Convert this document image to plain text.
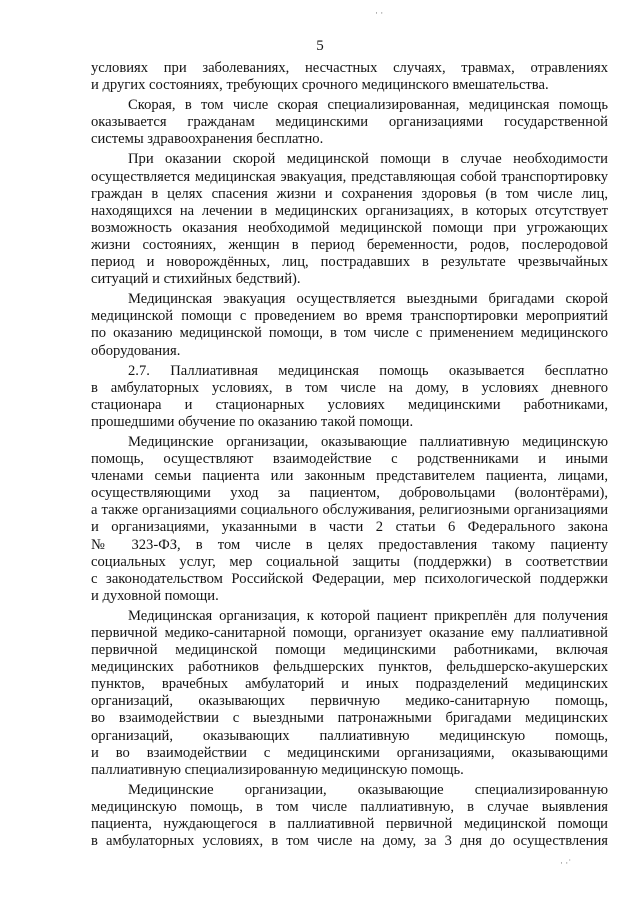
5
· ·
· ·˙
условиях при заболеваниях, несчастных случаях, травмах, отравлениях
и других состояниях, требующих срочного медицинского вмешательства.
Скорая, в том числе скорая специализированная, медицинская помощь
оказывается гражданам медицинскими организациями государственной
системы здравоохранения бесплатно.
При оказании скорой медицинской помощи в случае необходимости
осуществляется медицинская эвакуация, представляющая собой транспортировку
граждан в целях спасения жизни и сохранения здоровья (в том числе лиц,
находящихся на лечении в медицинских организациях, в которых отсутствует
возможность оказания необходимой медицинской помощи при угрожающих
жизни состояниях, женщин в период беременности, родов, послеродовой
период и новорождённых, лиц, пострадавших в результате чрезвычайных
ситуаций и стихийных бедствий).
Медицинская эвакуация осуществляется выездными бригадами скорой
медицинской помощи с проведением во время транспортировки мероприятий
по оказанию медицинской помощи, в том числе с применением медицинского
оборудования.
2.7. Паллиативная медицинская помощь оказывается бесплатно
в амбулаторных условиях, в том числе на дому, в условиях дневного
стационара и стационарных условиях медицинскими работниками,
прошедшими обучение по оказанию такой помощи.
Медицинские организации, оказывающие паллиативную медицинскую
помощь, осуществляют взаимодействие с родственниками и иными
членами семьи пациента или законным представителем пациента, лицами,
осуществляющими уход за пациентом, добровольцами (волонтёрами),
а также организациями социального обслуживания, религиозными организациями
и организациями, указанными в части 2 статьи 6 Федерального закона
№ 323-ФЗ, в том числе в целях предоставления такому пациенту
социальных услуг, мер социальной защиты (поддержки) в соответствии
с законодательством Российской Федерации, мер психологической поддержки
и духовной помощи.
Медицинская организация, к которой пациент прикреплён для получения
первичной медико-санитарной помощи, организует оказание ему паллиативной
первичной медицинской помощи медицинскими работниками, включая
медицинских работников фельдшерских пунктов, фельдшерско-акушерских
пунктов, врачебных амбулаторий и иных подразделений медицинских
организаций, оказывающих первичную медико-санитарную помощь,
во взаимодействии с выездными патронажными бригадами медицинских
организаций, оказывающих паллиативную медицинскую помощь,
и во взаимодействии с медицинскими организациями, оказывающими
паллиативную специализированную медицинскую помощь.
Медицинские организации, оказывающие специализированную
медицинскую помощь, в том числе паллиативную, в случае выявления
пациента, нуждающегося в паллиативной первичной медицинской помощи
в амбулаторных условиях, в том числе на дому, за 3 дня до осуществления
